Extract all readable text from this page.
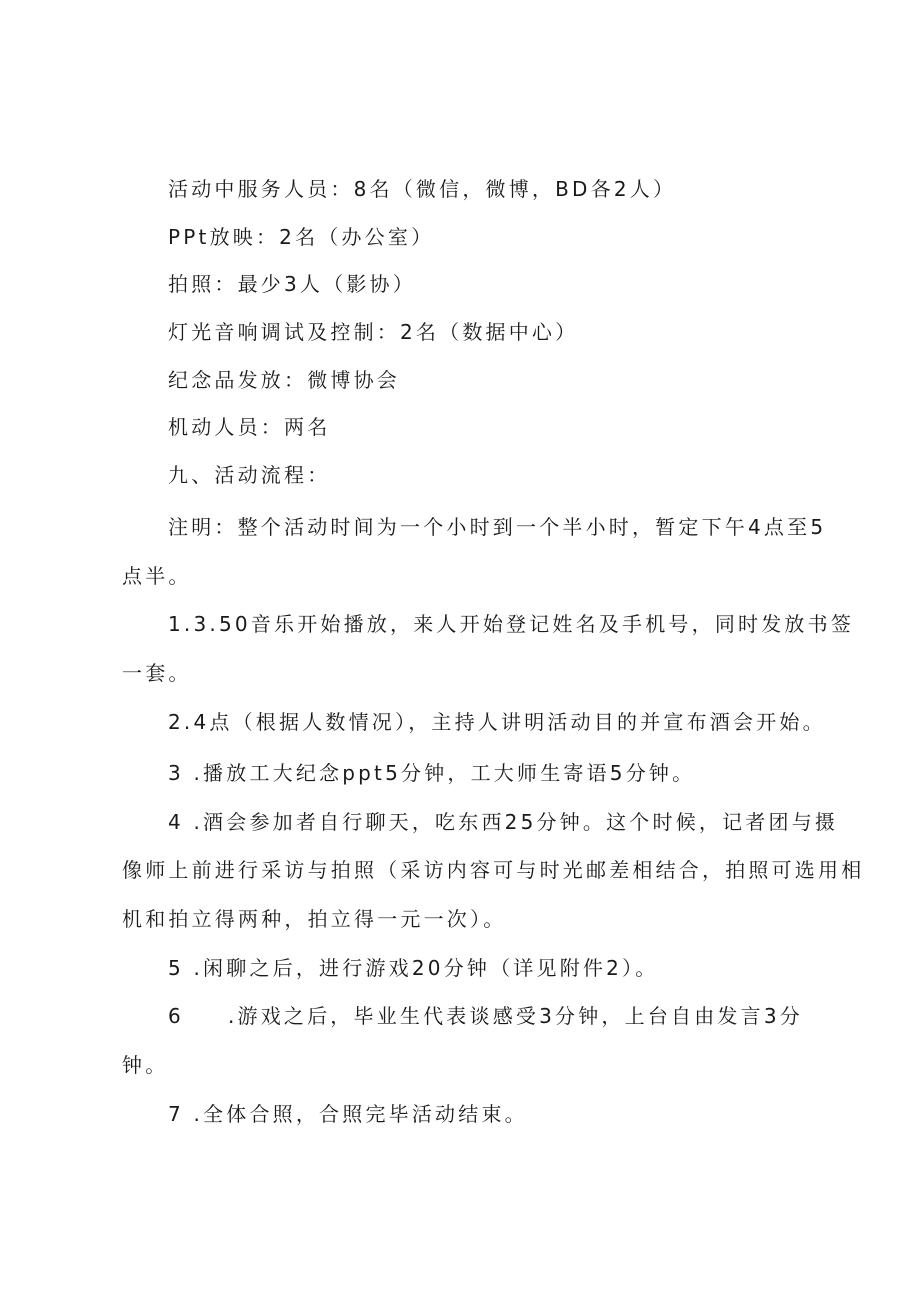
活动中服务人员：8名（微信，微博，BD各2人）

PPt放映：2名（办公室）

拍照：最少3人（影协）

灯光音响调试及控制：2名（数据中心）

纪念品发放：微博协会

机动人员：两名

九、活动流程：

注明：整个活动时间为一个小时到一个半小时，暂定下午4点至5

点半。

1.3.50音乐开始播放，来人开始登记姓名及手机号，同时发放书签

一套。

2.4点（根据人数情况），主持人讲明活动目的并宣布酒会开始。

3 .播放工大纪念ppt5分钟，工大师生寄语5分钟。

4 .酒会参加者自行聊天，吃东西25分钟。这个时候，记者团与摄

像师上前进行采访与拍照（采访内容可与时光邮差相结合，拍照可选用相

机和拍立得两种，拍立得一元一次）。

5 .闲聊之后，进行游戏20分钟（详见附件2）。

6 .游戏之后，毕业生代表谈感受3分钟，上台自由发言3分

钟。

7 .全体合照，合照完毕活动结束。
